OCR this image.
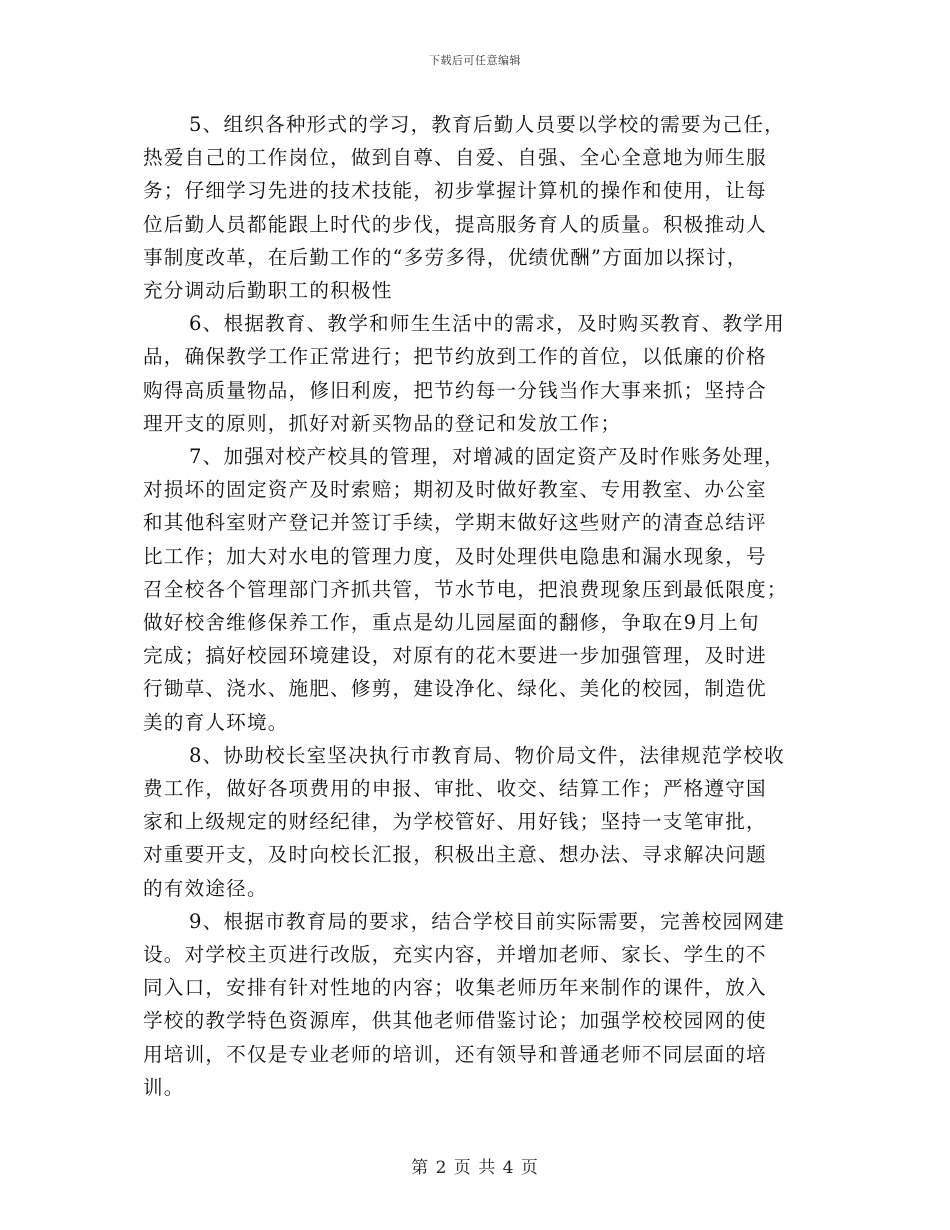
下载后可任意编辑
5、组织各种形式的学习，教育后勤人员要以学校的需要为己任，
热爱自己的工作岗位，做到自尊、自爱、自强、全心全意地为师生服
务；仔细学习先进的技术技能，初步掌握计算机的操作和使用，让每
位后勤人员都能跟上时代的步伐，提高服务育人的质量。积极推动人
事制度改革，在后勤工作的“多劳多得，优绩优酬”方面加以探讨，
充分调动后勤职工的积极性
6、根据教育、教学和师生生活中的需求，及时购买教育、教学用
品，确保教学工作正常进行；把节约放到工作的首位，以低廉的价格
购得高质量物品，修旧利废，把节约每一分钱当作大事来抓；坚持合
理开支的原则，抓好对新买物品的登记和发放工作；
7、加强对校产校具的管理，对增减的固定资产及时作账务处理，
对损坏的固定资产及时索赔；期初及时做好教室、专用教室、办公室
和其他科室财产登记并签订手续，学期末做好这些财产的清查总结评
比工作；加大对水电的管理力度，及时处理供电隐患和漏水现象，号
召全校各个管理部门齐抓共管，节水节电，把浪费现象压到最低限度；
做好校舍维修保养工作，重点是幼儿园屋面的翻修，争取在9月上旬
完成；搞好校园环境建设，对原有的花木要进一步加强管理，及时进
行锄草、浇水、施肥、修剪，建设净化、绿化、美化的校园，制造优
美的育人环境。
8、协助校长室坚决执行市教育局、物价局文件，法律规范学校收
费工作，做好各项费用的申报、审批、收交、结算工作；严格遵守国
家和上级规定的财经纪律，为学校管好、用好钱；坚持一支笔审批，
对重要开支，及时向校长汇报，积极出主意、想办法、寻求解决问题
的有效途径。
9、根据市教育局的要求，结合学校目前实际需要，完善校园网建
设。对学校主页进行改版，充实内容，并增加老师、家长、学生的不
同入口，安排有针对性地的内容；收集老师历年来制作的课件，放入
学校的教学特色资源库，供其他老师借鉴讨论；加强学校校园网的使
用培训，不仅是专业老师的培训，还有领导和普通老师不同层面的培
训。
第 2 页 共 4 页
